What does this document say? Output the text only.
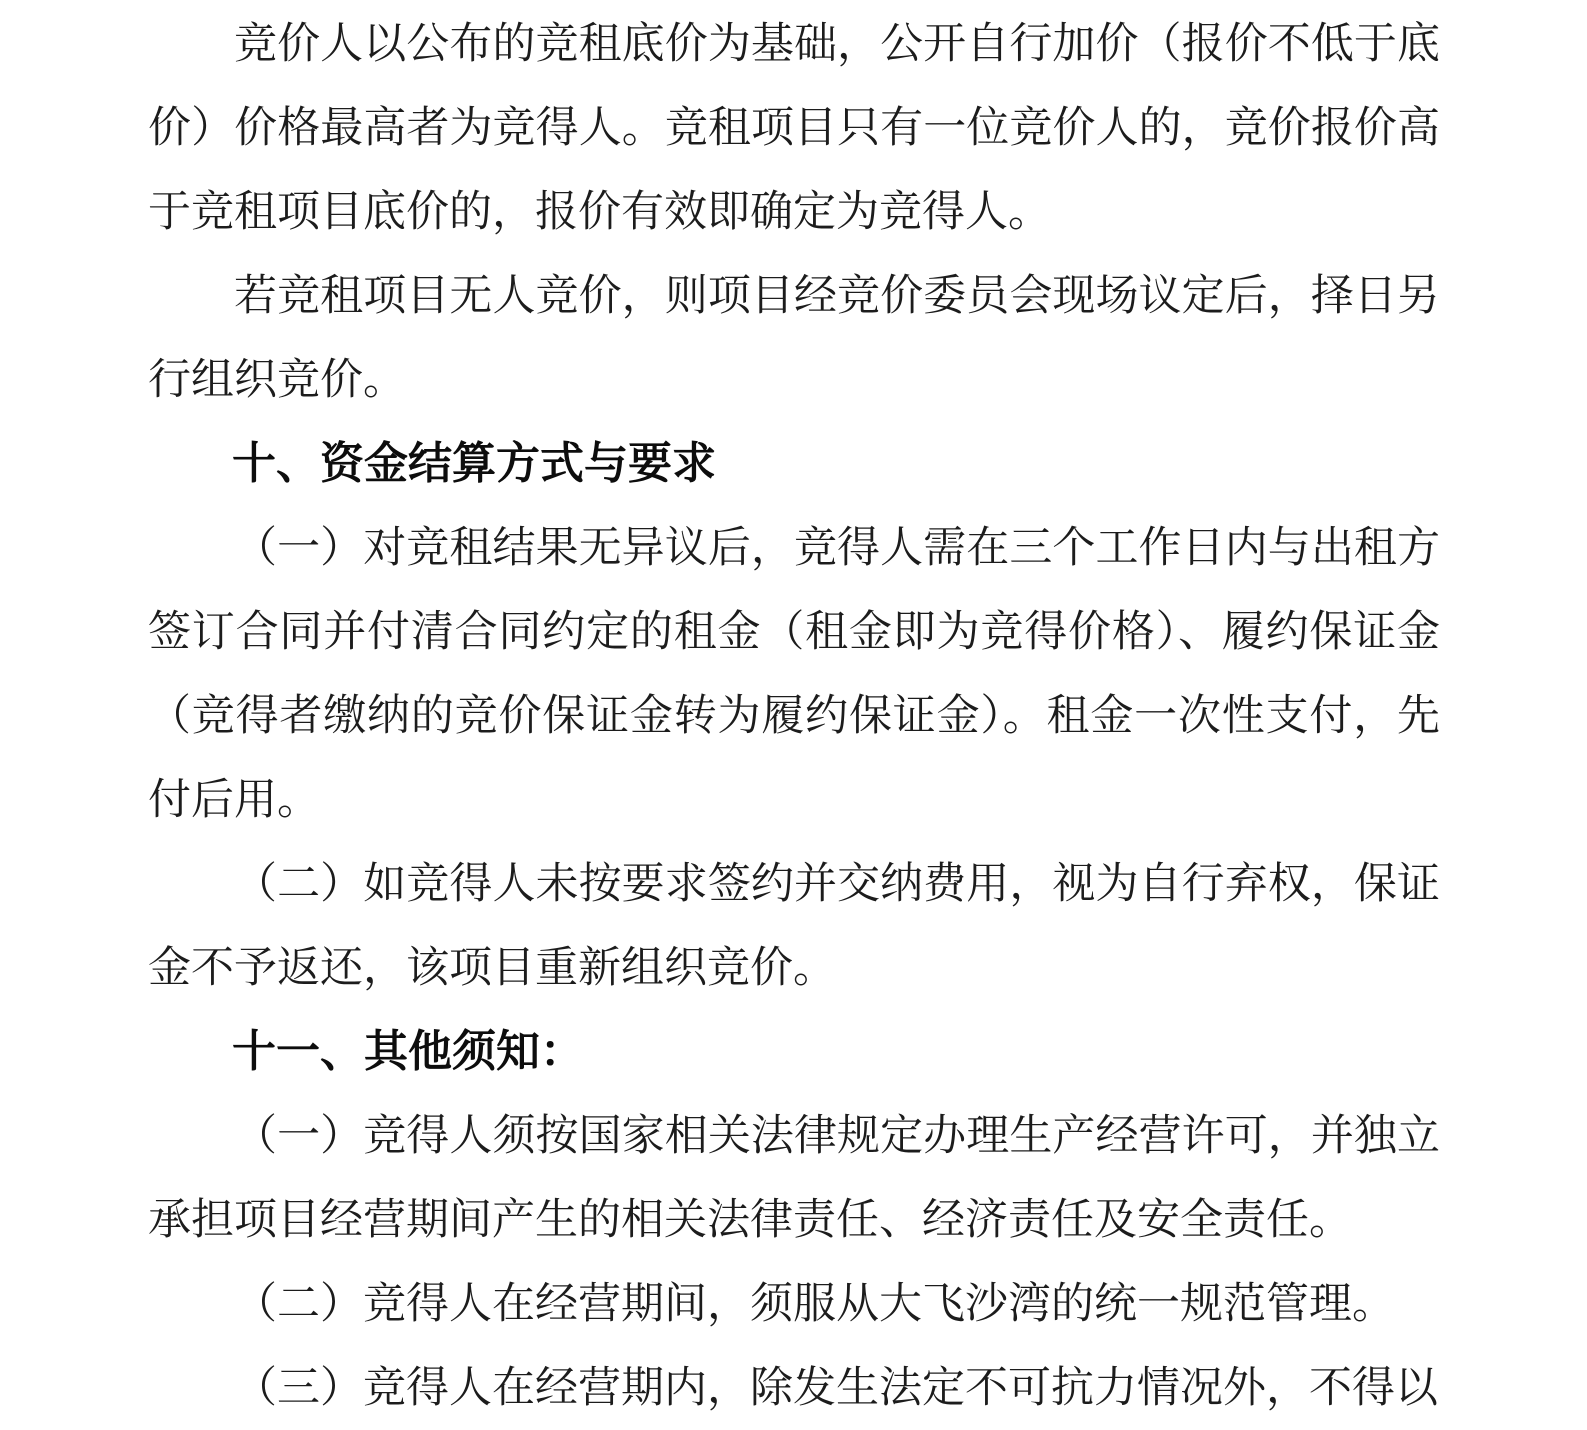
竞价人以公布的竞租底价为基础，公开自行加价（报价不低于底价）价格最高者为竞得人。竞租项目只有一位竞价人的，竞价报价高于竞租项目底价的，报价有效即确定为竞得人。

若竞租项目无人竞价，则项目经竞价委员会现场议定后，择日另行组织竞价。

十、资金结算方式与要求

（一）对竞租结果无异议后，竞得人需在三个工作日内与出租方签订合同并付清合同约定的租金（租金即为竞得价格）、履约保证金（竞得者缴纳的竞价保证金转为履约保证金）。租金一次性支付，先付后用。

（二）如竞得人未按要求签约并交纳费用，视为自行弃权，保证金不予返还，该项目重新组织竞价。

十一、其他须知：

（一）竞得人须按国家相关法律规定办理生产经营许可，并独立承担项目经营期间产生的相关法律责任、经济责任及安全责任。

（二）竞得人在经营期间，须服从大飞沙湾的统一规范管理。

（三）竞得人在经营期内，除发生法定不可抗力情况外，不得以
